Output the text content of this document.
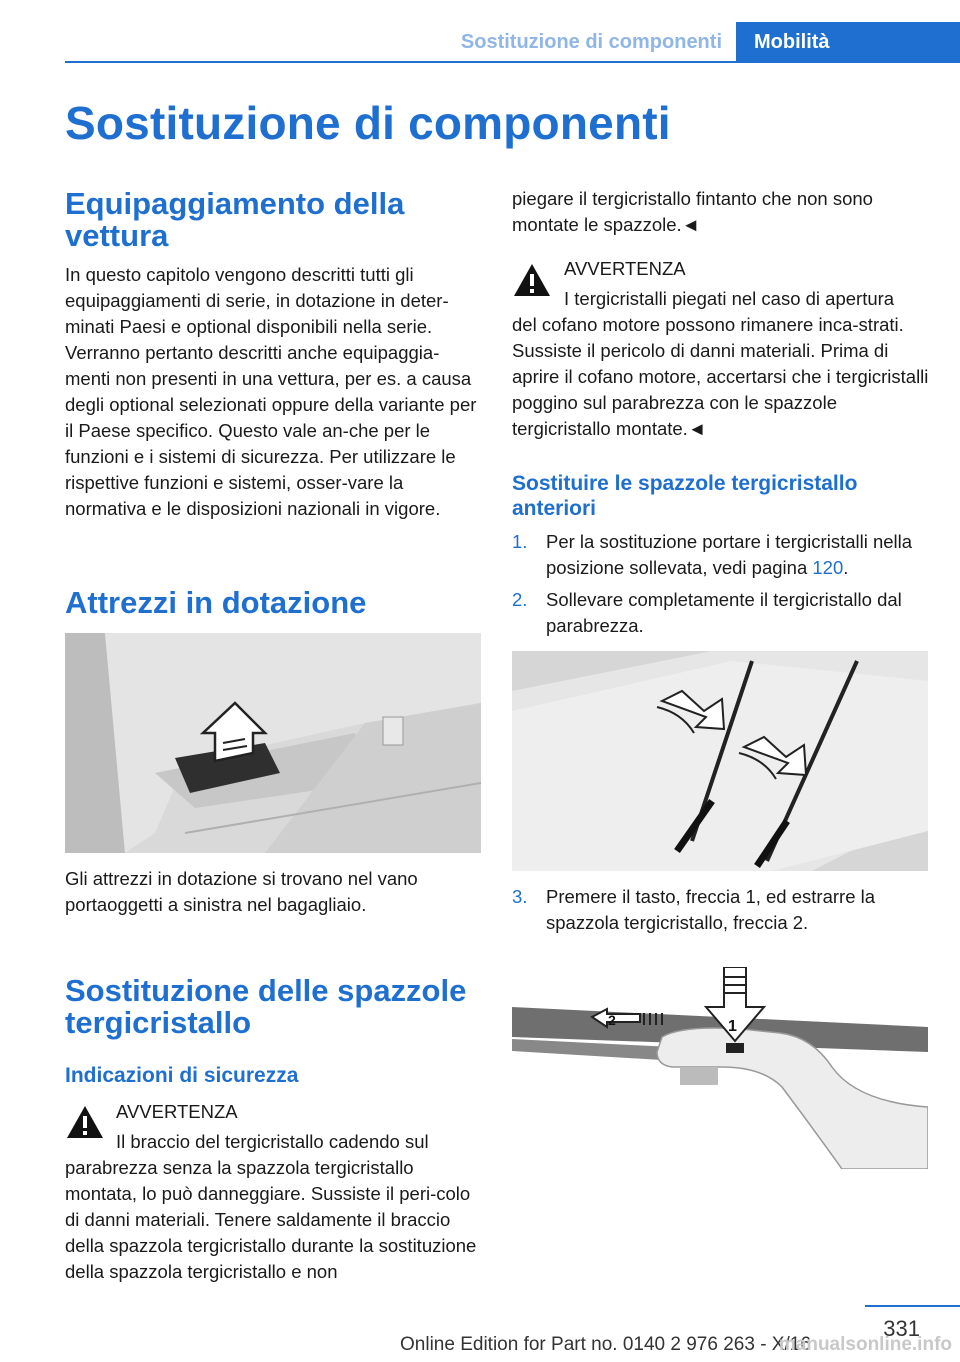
Sostituzione di componenti	Mobilità
Sostituzione di componenti
Equipaggiamento della vettura
In questo capitolo vengono descritti tutti gli equipaggiamenti di serie, in dotazione in deter-minati Paesi e optional disponibili nella serie. Verranno pertanto descritti anche equipaggia-menti non presenti in una vettura, per es. a causa degli optional selezionati oppure della variante per il Paese specifico. Questo vale an-che per le funzioni e i sistemi di sicurezza. Per utilizzare le rispettive funzioni e sistemi, osser-vare la normativa e le disposizioni nazionali in vigore.
Attrezzi in dotazione
Gli attrezzi in dotazione si trovano nel vano portaoggetti a sinistra nel bagagliaio.
Sostituzione delle spazzole tergicristallo
Indicazioni di sicurezza
AVVERTENZA
Il braccio del tergicristallo cadendo sul
parabrezza senza la spazzola tergicristallo montata, lo può danneggiare. Sussiste il peri-colo di danni materiali. Tenere saldamente il braccio della spazzola tergicristallo durante la sostituzione della spazzola tergicristallo e non
piegare il tergicristallo fintanto che non sono montate le spazzole.◄
AVVERTENZA
I tergicristalli piegati nel caso di apertura
del cofano motore possono rimanere inca-strati. Sussiste il pericolo di danni materiali. Prima di aprire il cofano motore, accertarsi che i tergicristalli poggino sul parabrezza con le spazzole tergicristallo montate.◄
Sostituire le spazzole tergicristallo anteriori
1. Per la sostituzione portare i tergicristalli nella posizione sollevata, vedi pagina 120.
2. Sollevare completamente il tergicristallo dal parabrezza.
3. Premere il tasto, freccia 1, ed estrarre la spazzola tergicristallo, freccia 2.
2	1
331
Online Edition for Part no. 0140 2 976 263 - X/16
manualsonline.info
